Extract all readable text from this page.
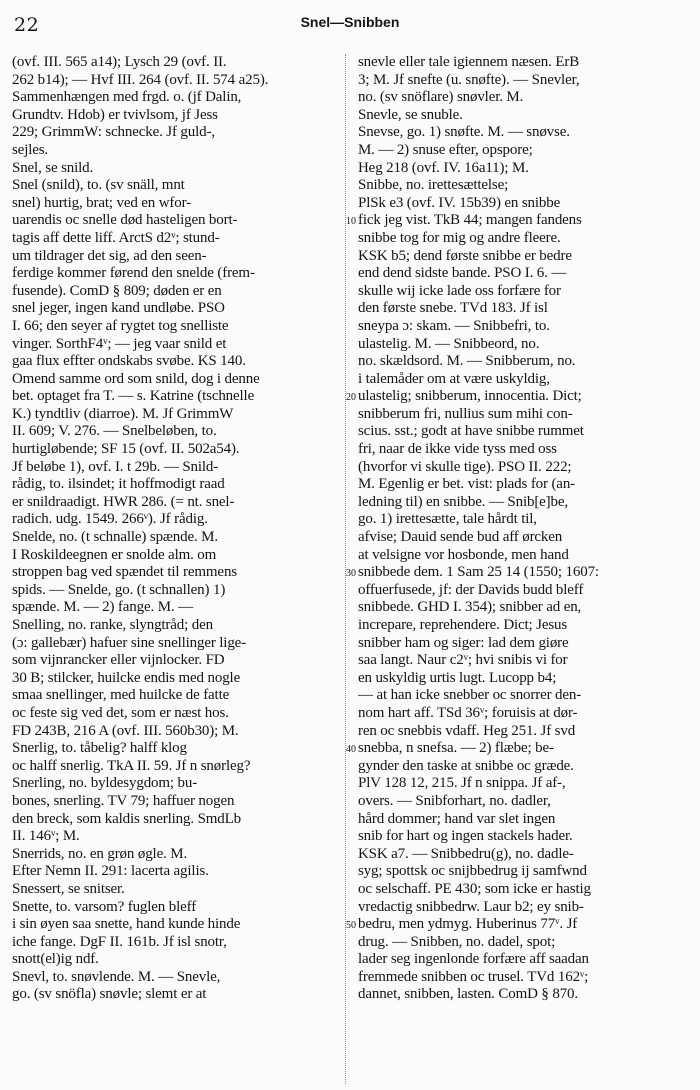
22	Snel—Snibben
(ovf. III. 565 a14); Lysch 29 (ovf. II.
262 b14); — Hvf III. 264 (ovf. II. 574 a25).
Sammenhængen med frgd. o. (jf Dalin,
Grundtv. Hdob) er tvivlsom, jf Jess
229; GrimmW: schnecke. Jf guld-,
sejles.
Snel, se snild.
Snel (snild), to. (sv snäll, mnt
snel) hurtig, brat; ved en wfor-
uarendis oc snelle død hasteligen bort-
tagis aff dette liff. ArctS d2ᵛ; stund-
um tildrager det sig, ad den seen-
ferdige kommer førend den snelde (frem-
fusende). ComD § 809; døden er en
snel jeger, ingen kand undløbe. PSO
I. 66; den seyer af rygtet tog snelliste
vinger. SorthF4ᵛ; — jeg vaar snild et
gaa flux effter ondskabs svøbe. KS 140.
Omend samme ord som snild, dog i denne
bet. optaget fra T. — s. Katrine (tschnelle
K.) tyndtliv (diarroe). M. Jf GrimmW
II. 609; V. 276. — Snelbeløben, to.
hurtigløbende; SF 15 (ovf. II. 502a54).
Jf beløbe 1), ovf. I. t 29b. — Snild-
rådig, to. ilsindet; it hoffmodigt raad
er snildraadigt. HWR 286. (= nt. snel-
radich. udg. 1549. 266ᵛ). Jf rådig.
Snelde, no. (t schnalle) spænde. M.
I Roskildeegnen er snolde alm. om
stroppen bag ved spændet til remmens
spids. — Snelde, go. (t schnallen) 1)
spænde. M. — 2) fange. M. —
Snelling, no. ranke, slyngtråd; den
(ɔ: gallebær) hafuer sine snellinger lige-
som vijnrancker eller vijnlocker. FD
30 B; stilcker, huilcke endis med nogle
smaa snellinger, med huilcke de fatte
oc feste sig ved det, som er næst hos.
FD 243B, 216 A (ovf. III. 560b30); M.
Snerlig, to. tåbelig? halff klog
oc halff snerlig. TkA II. 59. Jf n snørleg?
Snerling, no. byldesygdom; bu-
bones, snerling. TV 79; haffuer nogen
den breck, som kaldis snerling. SmdLb
II. 146ᵛ; M.
Snerrids, no. en grøn øgle. M.
Efter Nemn II. 291: lacerta agilis.
Snessert, se snitser.
Snette, to. varsom? fuglen bleff
i sin øyen saa snette, hand kunde hinde
iche fange. DgF II. 161b. Jf isl snotr,
snott(el)ig ndf.
Snevl, to. snøvlende. M. — Snevle,
go. (sv snöfla) snøvle; slemt er at
10
20
30
40
50
snevle eller tale igiennem næsen. ErB
3; M. Jf snefte (u. snøfte). — Snevler,
no. (sv snöflare) snøvler. M.
Snevle, se snuble.
Snevse, go. 1) snøfte. M. — snøvse.
M. — 2) snuse efter, opspore;
Heg 218 (ovf. IV. 16a11); M.
Snibbe, no. irettesættelse;
PlSk e3 (ovf. IV. 15b39) en snibbe
fick jeg vist. TkB 44; mangen fandens
snibbe tog for mig og andre fleere.
KSK b5; dend første snibbe er bedre
end dend sidste bande. PSO I. 6. —
skulle wij icke lade oss forfære for
den første snebe. TVd 183. Jf isl
sneypa ɔ: skam. — Snibbefri, to.
ulastelig. M. — Snibbeord, no.
no. skældsord. M. — Snibberum, no.
i talemåder om at være uskyldig,
ulastelig; snibberum, innocentia. Dict;
snibberum fri, nullius sum mihi con-
scius. sst.; godt at have snibbe rummet
fri, naar de ikke vide tyss med oss
(hvorfor vi skulle tige). PSO II. 222;
M. Egenlig er bet. vist: plads for (an-
ledning til) en snibbe. — Snib[e]be,
go. 1) irettesætte, tale hårdt til,
afvise; Dauid sende bud aff ørcken
at velsigne vor hosbonde, men hand
snibbede dem. 1 Sam 25 14 (1550; 1607:
offuerfusede, jf: der Davids budd bleff
snibbede. GHD I. 354); snibber ad en,
increpare, reprehendere. Dict; Jesus
snibber ham og siger: lad dem giøre
saa langt. Naur c2ᵛ; hvi snibis vi for
en uskyldig urtis lugt. Lucopp b4;
— at han icke snebber oc snorrer den-
nom hart aff. TSd 36ᵛ; foruisis at dør-
ren oc snebbis vdaff. Heg 251. Jf svd
snebba, n snefsa. — 2) flæbe; be-
gynder den taske at snibbe oc græde.
PlV 128 12, 215. Jf n snippa. Jf af-,
overs. — Snibforhart, no. dadler,
hård dommer; hand var slet ingen
snib for hart og ingen stackels hader.
KSK a7. — Snibbedru(g), no. dadle-
syg; spottsk oc snijbbedrug ij samfwnd
oc selschaff. PE 430; som icke er hastig
vredactig snibbedrw. Laur b2; ey snib-
bedru, men ydmyg. Huberinus 77ᵛ. Jf
drug. — Snibben, no. dadel, spot;
lader seg ingenlonde forfære aff saadan
fremmede snibben oc trusel. TVd 162ᵛ;
dannet, snibben, lasten. ComD § 870.
